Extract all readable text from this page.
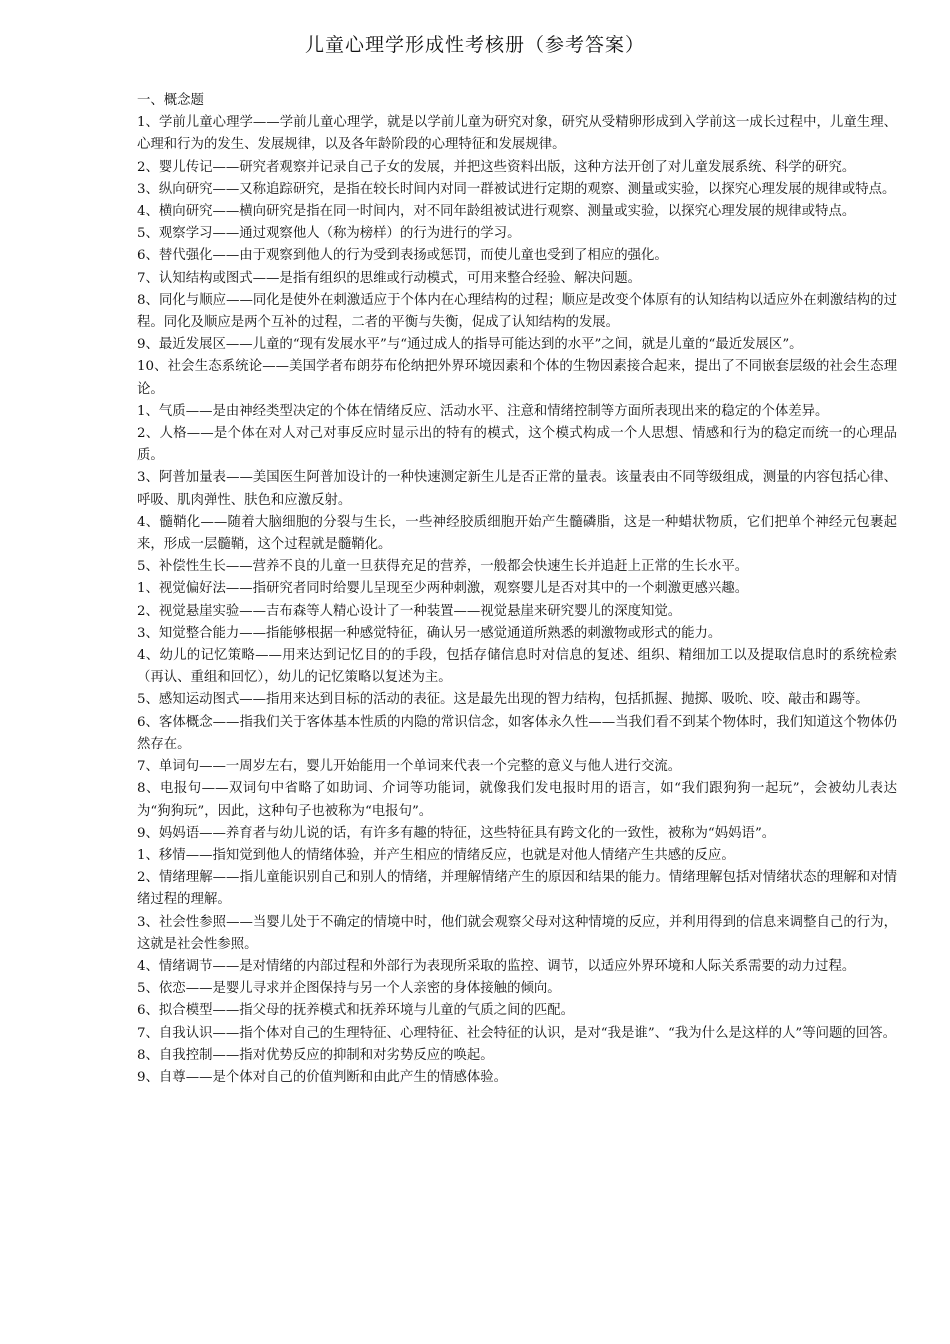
儿童心理学形成性考核册（参考答案）

一、概念题

1、学前儿童心理学——学前儿童心理学，就是以学前儿童为研究对象，研究从受精卵形成到入学前这一成长过程中，儿童生理、心理和行为的发生、发展规律，以及各年龄阶段的心理特征和发展规律。
2、婴儿传记——研究者观察并记录自己子女的发展，并把这些资料出版，这种方法开创了对儿童发展系统、科学的研究。
3、纵向研究——又称追踪研究，是指在较长时间内对同一群被试进行定期的观察、测量或实验，以探究心理发展的规律或特点。
4、横向研究——横向研究是指在同一时间内，对不同年龄组被试进行观察、测量或实验，以探究心理发展的规律或特点。
5、观察学习——通过观察他人（称为榜样）的行为进行的学习。
6、替代强化——由于观察到他人的行为受到表扬或惩罚，而使儿童也受到了相应的强化。
7、认知结构或图式——是指有组织的思维或行动模式，可用来整合经验、解决问题。
8、同化与顺应——同化是使外在刺激适应于个体内在心理结构的过程；顺应是改变个体原有的认知结构以适应外在刺激结构的过程。同化及顺应是两个互补的过程，二者的平衡与失衡，促成了认知结构的发展。
9、最近发展区——儿童的“现有发展水平”与“通过成人的指导可能达到的水平”之间，就是儿童的“最近发展区”。
10、社会生态系统论——美国学者布朗芬布伦纳把外界环境因素和个体的生物因素接合起来，提出了不同嵌套层级的社会生态理论。
1、气质——是由神经类型决定的个体在情绪反应、活动水平、注意和情绪控制等方面所表现出来的稳定的个体差异。
2、人格——是个体在对人对己对事反应时显示出的特有的模式，这个模式构成一个人思想、情感和行为的稳定而统一的心理品质。
3、阿普加量表——美国医生阿普加设计的一种快速测定新生儿是否正常的量表。该量表由不同等级组成，测量的内容包括心律、呼吸、肌肉弹性、肤色和应激反射。
4、髓鞘化——随着大脑细胞的分裂与生长，一些神经胶质细胞开始产生髓磷脂，这是一种蜡状物质，它们把单个神经元包裹起来，形成一层髓鞘，这个过程就是髓鞘化。
5、补偿性生长——营养不良的儿童一旦获得充足的营养，一般都会快速生长并追赶上正常的生长水平。
1、视觉偏好法——指研究者同时给婴儿呈现至少两种刺激，观察婴儿是否对其中的一个刺激更感兴趣。
2、视觉悬崖实验——吉布森等人精心设计了一种装置——视觉悬崖来研究婴儿的深度知觉。
3、知觉整合能力——指能够根据一种感觉特征，确认另一感觉通道所熟悉的刺激物或形式的能力。
4、幼儿的记忆策略——用来达到记忆目的的手段，包括存储信息时对信息的复述、组织、精细加工以及提取信息时的系统检索（再认、重组和回忆），幼儿的记忆策略以复述为主。
5、感知运动图式——指用来达到目标的活动的表征。这是最先出现的智力结构，包括抓握、抛掷、吸吮、咬、敲击和踢等。
6、客体概念——指我们关于客体基本性质的内隐的常识信念，如客体永久性——当我们看不到某个物体时，我们知道这个物体仍然存在。
7、单词句——一周岁左右，婴儿开始能用一个单词来代表一个完整的意义与他人进行交流。
8、电报句——双词句中省略了如助词、介词等功能词，就像我们发电报时用的语言，如“我们跟狗狗一起玩”，会被幼儿表达为“狗狗玩”，因此，这种句子也被称为“电报句”。
9、妈妈语——养育者与幼儿说的话，有许多有趣的特征，这些特征具有跨文化的一致性，被称为“妈妈语”。
1、移情——指知觉到他人的情绪体验，并产生相应的情绪反应，也就是对他人情绪产生共感的反应。
2、情绪理解——指儿童能识别自己和别人的情绪，并理解情绪产生的原因和结果的能力。情绪理解包括对情绪状态的理解和对情绪过程的理解。
3、社会性参照——当婴儿处于不确定的情境中时，他们就会观察父母对这种情境的反应，并利用得到的信息来调整自己的行为，这就是社会性参照。
4、情绪调节——是对情绪的内部过程和外部行为表现所采取的监控、调节，以适应外界环境和人际关系需要的动力过程。
5、依恋——是婴儿寻求并企图保持与另一个人亲密的身体接触的倾向。
6、拟合模型——指父母的抚养模式和抚养环境与儿童的气质之间的匹配。
7、自我认识——指个体对自己的生理特征、心理特征、社会特征的认识，是对“我是谁”、“我为什么是这样的人”等问题的回答。
8、自我控制——指对优势反应的抑制和对劣势反应的唤起。
9、自尊——是个体对自己的价值判断和由此产生的情感体验。
